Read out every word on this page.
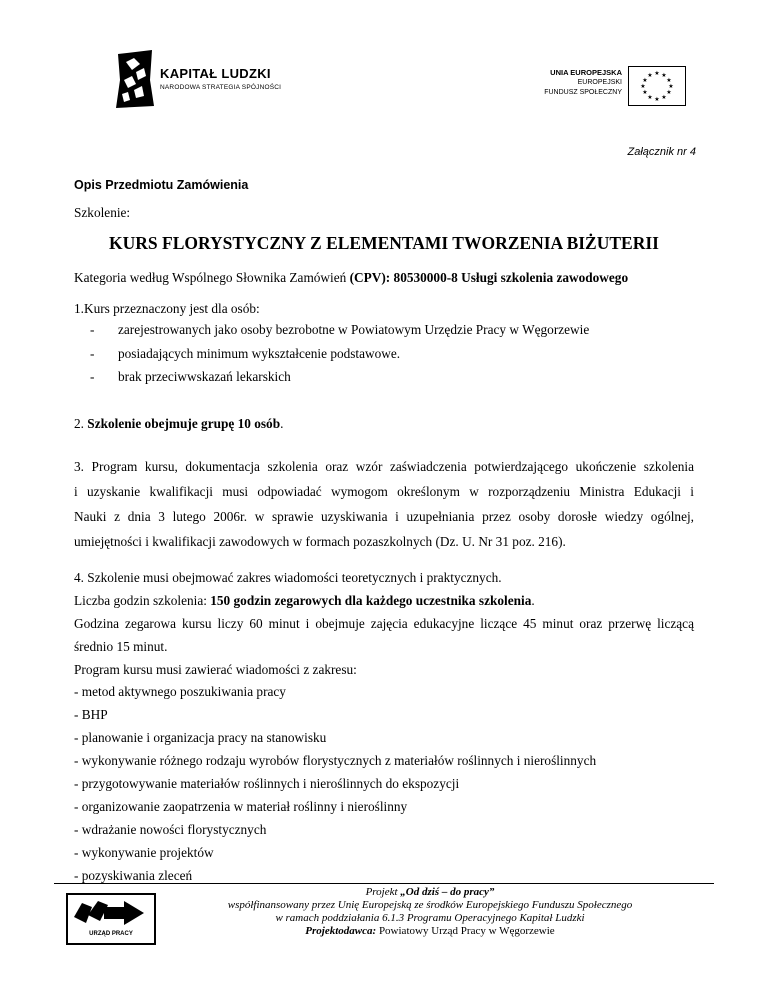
KAPITAŁ LUDZKI
NARODOWA STRATEGIA SPÓJNOŚCI
UNIA EUROPEJSKA
EUROPEJSKI
FUNDUSZ SPOŁECZNY
★ ★
★
★
★
★
★
★
★
★
★
★
Załącznik nr 4
Opis Przedmiotu Zamówienia
Szkolenie:
KURS FLORYSTYCZNY Z ELEMENTAMI TWORZENIA BIŻUTERII
Kategoria według Wspólnego Słownika Zamówień (CPV): 80530000-8 Usługi szkolenia zawodowego
1.Kurs przeznaczony jest dla osób:
- zarejestrowanych jako osoby bezrobotne w Powiatowym Urzędzie Pracy w Węgorzewie
- posiadających minimum wykształcenie podstawowe.
- brak przeciwwskazań lekarskich
2. Szkolenie obejmuje grupę 10 osób.
3. Program kursu, dokumentacja szkolenia oraz wzór zaświadczenia potwierdzającego ukończenie szkolenia
i uzyskanie kwalifikacji musi odpowiadać wymogom określonym w rozporządzeniu Ministra Edukacji i
Nauki z dnia 3 lutego 2006r. w sprawie uzyskiwania i uzupełniania przez osoby dorosłe wiedzy ogólnej,
umiejętności i kwalifikacji zawodowych w formach pozaszkolnych (Dz. U. Nr 31 poz. 216).
4. Szkolenie musi obejmować zakres wiadomości teoretycznych i praktycznych.
Liczba godzin szkolenia: 150 godzin zegarowych dla każdego uczestnika szkolenia.
Godzina zegarowa kursu liczy 60 minut i obejmuje zajęcia edukacyjne liczące 45 minut oraz przerwę liczącą
średnio 15 minut.
Program kursu musi zawierać wiadomości z zakresu:
- metod aktywnego poszukiwania pracy
- BHP
- planowanie i organizacja pracy na stanowisku
- wykonywanie różnego rodzaju wyrobów florystycznych z materiałów roślinnych i nieroślinnych
- przygotowywanie materiałów roślinnych i nieroślinnych do ekspozycji
- organizowanie zaopatrzenia w materiał roślinny i nieroślinny
- wdrażanie nowości florystycznych
- wykonywanie projektów
- pozyskiwania zleceń
URZĄD PRACY
Projekt „Od dziś – do pracy”
współfinansowany przez Unię Europejską ze środków Europejskiego Funduszu Społecznego
w ramach poddziałania 6.1.3 Programu Operacyjnego Kapitał Ludzki
Projektodawca: Powiatowy Urząd Pracy w Węgorzewie
